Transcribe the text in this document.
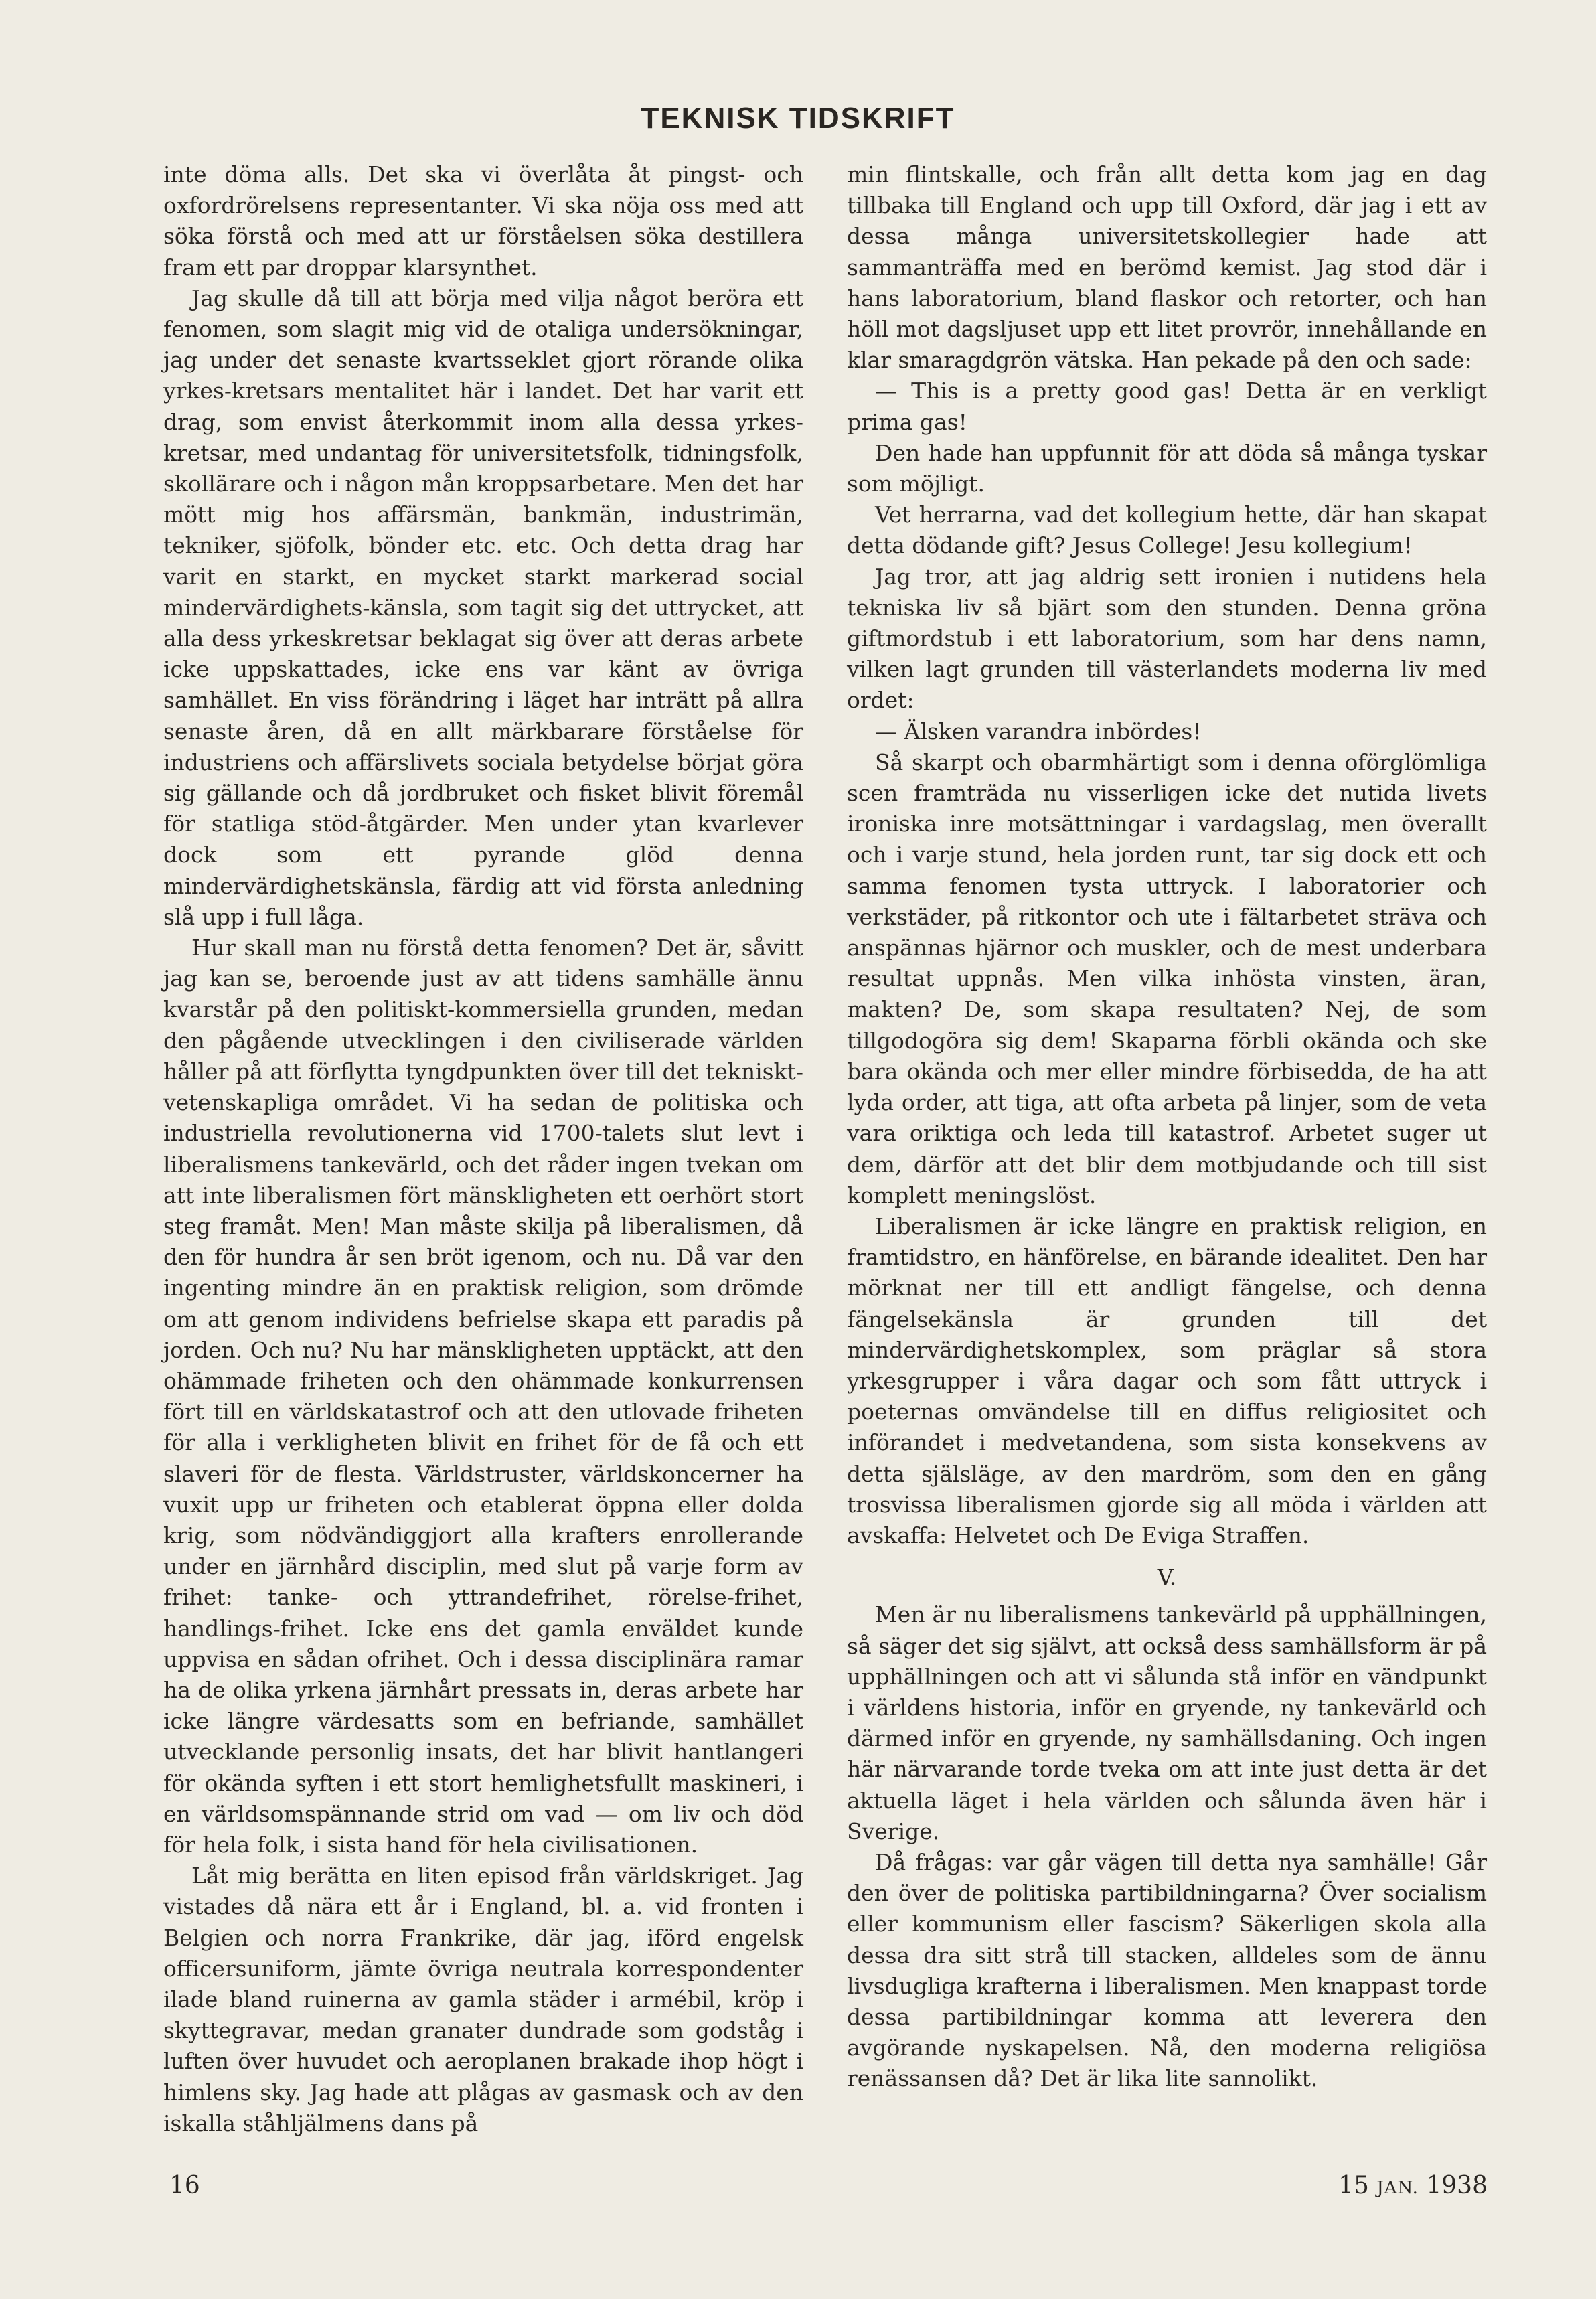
TEKNISK TIDSKRIFT

inte döma alls. Det ska vi överlåta åt pingst- och oxfordrörelsens representanter. Vi ska nöja oss med att söka förstå och med att ur förståelsen söka destillera fram ett par droppar klarsynthet.

Jag skulle då till att börja med vilja något beröra ett fenomen, som slagit mig vid de otaliga undersökningar, jag under det senaste kvartsseklet gjort rörande olika yrkes-kretsars mentalitet här i landet. Det har varit ett drag, som envist återkommit inom alla dessa yrkes-kretsar, med undantag för universitetsfolk, tidningsfolk, skollärare och i någon mån kroppsarbetare. Men det har mött mig hos affärsmän, bankmän, industrimän, tekniker, sjöfolk, bönder etc. etc. Och detta drag har varit en starkt, en mycket starkt markerad social mindervärdighets-känsla, som tagit sig det uttrycket, att alla dess yrkeskretsar beklagat sig över att deras arbete icke uppskattades, icke ens var känt av övriga samhället. En viss förändring i läget har inträtt på allra senaste åren, då en allt märkbarare förståelse för industriens och affärslivets sociala betydelse börjat göra sig gällande och då jordbruket och fisket blivit föremål för statliga stöd-åtgärder. Men under ytan kvarlever dock som ett pyrande glöd denna mindervärdighetskänsla, färdig att vid första anledning slå upp i full låga.

Hur skall man nu förstå detta fenomen? Det är, såvitt jag kan se, beroende just av att tidens samhälle ännu kvarstår på den politiskt-kommersiella grunden, medan den pågående utvecklingen i den civiliserade världen håller på att förflytta tyngdpunkten över till det tekniskt-vetenskapliga området. Vi ha sedan de politiska och industriella revolutionerna vid 1700-talets slut levt i liberalismens tankevärld, och det råder ingen tvekan om att inte liberalismen fört mänskligheten ett oerhört stort steg framåt. Men! Man måste skilja på liberalismen, då den för hundra år sen bröt igenom, och nu. Då var den ingenting mindre än en praktisk religion, som drömde om att genom individens befrielse skapa ett paradis på jorden. Och nu? Nu har mänskligheten upptäckt, att den ohämmade friheten och den ohämmade konkurrensen fört till en världskatastrof och att den utlovade friheten för alla i verkligheten blivit en frihet för de få och ett slaveri för de flesta. Världstruster, världskoncerner ha vuxit upp ur friheten och etablerat öppna eller dolda krig, som nödvändiggjort alla krafters enrollerande under en järnhård disciplin, med slut på varje form av frihet: tanke- och yttrandefrihet, rörelse-frihet, handlings-frihet. Icke ens det gamla enväldet kunde uppvisa en sådan ofrihet. Och i dessa disciplinära ramar ha de olika yrkena järnhårt pressats in, deras arbete har icke längre värdesatts som en befriande, samhället utvecklande personlig insats, det har blivit hantlangeri för okända syften i ett stort hemlighetsfullt maskineri, i en världsomspännande strid om vad — om liv och död för hela folk, i sista hand för hela civilisationen.

Låt mig berätta en liten episod från världskriget. Jag vistades då nära ett år i England, bl. a. vid fronten i Belgien och norra Frankrike, där jag, iförd engelsk officersuniform, jämte övriga neutrala korrespondenter ilade bland ruinerna av gamla städer i armébil, kröp i skyttegravar, medan granater dundrade som godståg i luften över huvudet och aeroplanen brakade ihop högt i himlens sky. Jag hade att plågas av gasmask och av den iskalla ståhljälmens dans på

min flintskalle, och från allt detta kom jag en dag tillbaka till England och upp till Oxford, där jag i ett av dessa många universitetskollegier hade att sammanträffa med en berömd kemist. Jag stod där i hans laboratorium, bland flaskor och retorter, och han höll mot dagsljuset upp ett litet provrör, innehållande en klar smaragdgrön vätska. Han pekade på den och sade:

— This is a pretty good gas! Detta är en verkligt prima gas!

Den hade han uppfunnit för att döda så många tyskar som möjligt.

Vet herrarna, vad det kollegium hette, där han skapat detta dödande gift? Jesus College! Jesu kollegium!

Jag tror, att jag aldrig sett ironien i nutidens hela tekniska liv så bjärt som den stunden. Denna gröna giftmordstub i ett laboratorium, som har dens namn, vilken lagt grunden till västerlandets moderna liv med ordet:

— Älsken varandra inbördes!

Så skarpt och obarmhärtigt som i denna oförglömliga scen framträda nu visserligen icke det nutida livets ironiska inre motsättningar i vardagslag, men överallt och i varje stund, hela jorden runt, tar sig dock ett och samma fenomen tysta uttryck. I laboratorier och verkstäder, på ritkontor och ute i fältarbetet sträva och anspännas hjärnor och muskler, och de mest underbara resultat uppnås. Men vilka inhösta vinsten, äran, makten? De, som skapa resultaten? Nej, de som tillgodogöra sig dem! Skaparna förbli okända och ske bara okända och mer eller mindre förbisedda, de ha att lyda order, att tiga, att ofta arbeta på linjer, som de veta vara oriktiga och leda till katastrof. Arbetet suger ut dem, därför att det blir dem motbjudande och till sist komplett meningslöst.

Liberalismen är icke längre en praktisk religion, en framtidstro, en hänförelse, en bärande idealitet. Den har mörknat ner till ett andligt fängelse, och denna fängelsekänsla är grunden till det mindervärdighetskomplex, som präglar så stora yrkesgrupper i våra dagar och som fått uttryck i poeternas omvändelse till en diffus religiositet och införandet i medvetandena, som sista konsekvens av detta själsläge, av den mardröm, som den en gång trosvissa liberalismen gjorde sig all möda i världen att avskaffa: Helvetet och De Eviga Straffen.

V.

Men är nu liberalismens tankevärld på upphällningen, så säger det sig självt, att också dess samhällsform är på upphällningen och att vi sålunda stå inför en vändpunkt i världens historia, inför en gryende, ny tankevärld och därmed inför en gryende, ny samhällsdaning. Och ingen här närvarande torde tveka om att inte just detta är det aktuella läget i hela världen och sålunda även här i Sverige.

Då frågas: var går vägen till detta nya samhälle! Går den över de politiska partibildningarna? Över socialism eller kommunism eller fascism? Säkerligen skola alla dessa dra sitt strå till stacken, alldeles som de ännu livsdugliga krafterna i liberalismen. Men knappast torde dessa partibildningar komma att leverera den avgörande nyskapelsen. Nå, den moderna religiösa renässansen då? Det är lika lite sannolikt.

16	15 JAN. 1938
